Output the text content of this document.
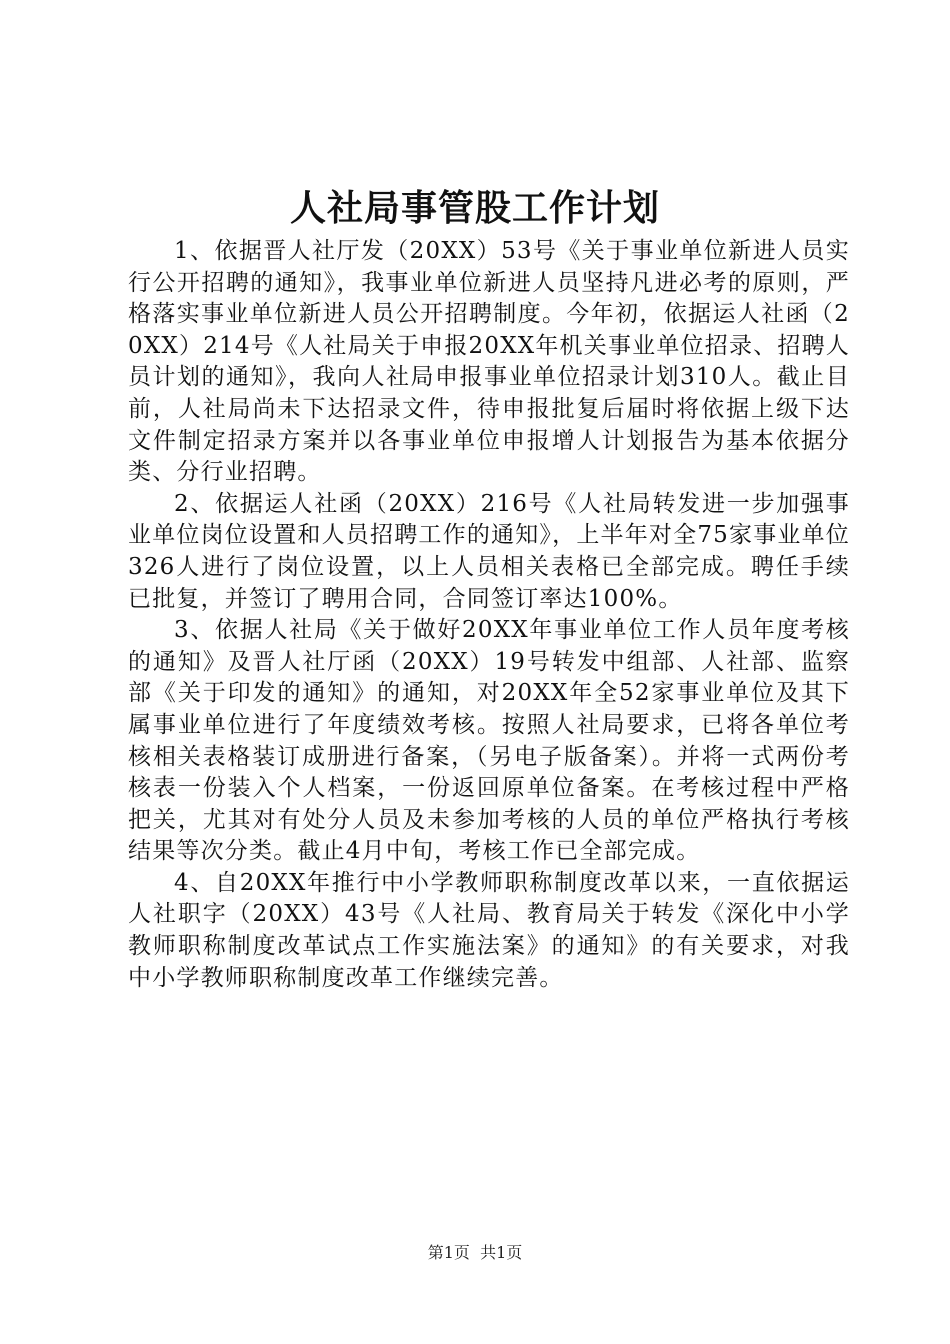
人社局事管股工作计划

1、依据晋人社厅发（20XX）53号《关于事业单位新进人员实行公开招聘的通知》，我事业单位新进人员坚持凡进必考的原则，严格落实事业单位新进人员公开招聘制度。今年初，依据运人社函（20XX）214号《人社局关于申报20XX年机关事业单位招录、招聘人员计划的通知》，我向人社局申报事业单位招录计划310人。截止目前，人社局尚未下达招录文件，待申报批复后届时将依据上级下达文件制定招录方案并以各事业单位申报增人计划报告为基本依据分类、分行业招聘。

2、依据运人社函（20XX）216号《人社局转发进一步加强事业单位岗位设置和人员招聘工作的通知》，上半年对全75家事业单位326人进行了岗位设置，以上人员相关表格已全部完成。聘任手续已批复，并签订了聘用合同，合同签订率达100%。

3、依据人社局《关于做好20XX年事业单位工作人员年度考核的通知》及晋人社厅函（20XX）19号转发中组部、人社部、监察部《关于印发的通知》的通知，对20XX年全52家事业单位及其下属事业单位进行了年度绩效考核。按照人社局要求，已将各单位考核相关表格装订成册进行备案，（另电子版备案）。并将一式两份考核表一份装入个人档案，一份返回原单位备案。在考核过程中严格把关，尤其对有处分人员及未参加考核的人员的单位严格执行考核结果等次分类。截止4月中旬，考核工作已全部完成。

4、自20XX年推行中小学教师职称制度改革以来，一直依据运人社职字（20XX）43号《人社局、教育局关于转发《深化中小学教师职称制度改革试点工作实施法案》的通知》的有关要求，对我中小学教师职称制度改革工作继续完善。

第1页  共1页
